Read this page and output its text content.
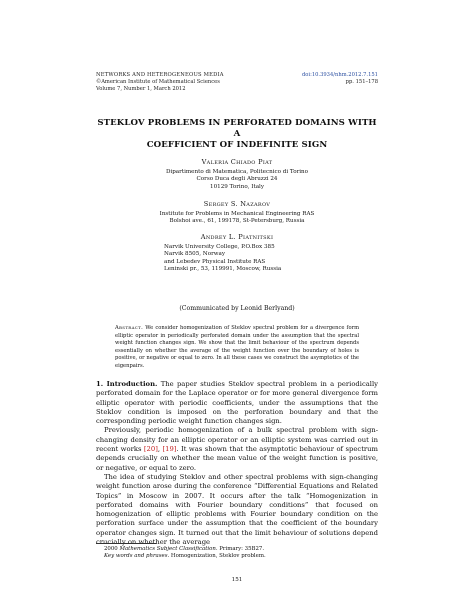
NETWORKS AND HETEROGENEOUS MEDIA
©American Institute of Mathematical Sciences
Volume 7, Number 1, March 2012
doi:10.3934/nhm.2012.7.151
pp. 151–178
STEKLOV PROBLEMS IN PERFORATED DOMAINS WITH A
COEFFICIENT OF INDEFINITE SIGN
Valeria Chiado Piat
Dipartimento di Matematica, Politecnico di Torino
Corso Duca degli Abruzzi 24
10129 Torino, Italy
Sergey S. Nazarov
Institute for Problems in Mechanical Engineering RAS
Bolshoi ave., 61, 199178, St-Petersburg, Russia
Andrey L. Piatnitski
Narvik University College, P.O.Box 385
Narvik 8505, Norway
and Lebedev Physical Institute RAS
Leninski pr., 53, 119991, Moscow, Russia
(Communicated by Leonid Berlyand)
Abstract. We consider homogenization of Steklov spectral problem for a divergence form elliptic operator in periodically perforated domain under the assumption that the spectral weight function changes sign. We show that the limit behaviour of the spectrum depends essentially on whether the average of the weight function over the boundary of holes is positive, or negative or equal to zero. In all these cases we construct the asymptotics of the eigenpairs.

1. Introduction. The paper studies Steklov spectral problem in a periodically perforated domain for the Laplace operator or for more general divergence form elliptic operator with periodic coefficients, under the assumptions that the Steklov condition is imposed on the perforation boundary and that the corresponding periodic weight function changes sign.

Previously, periodic homogenization of a bulk spectral problem with sign-changing density for an elliptic operator or an elliptic system was carried out in recent works [20], [19]. It was shown that the asymptotic behaviour of spectrum depends crucially on whether the mean value of the weight function is positive, or negative, or equal to zero.

The idea of studying Steklov and other spectral problems with sign-changing weight function arose during the conference “Differential Equations and Related Topics” in Moscow in 2007. It occurs after the talk “Homogenization in perforated domains with Fourier boundary conditions” that focused on homogenization of elliptic problems with Fourier boundary condition on the perforation surface under the assumption that the coefficient of the boundary operator changes sign. It turned out that the limit behaviour of solutions depend crucially on whether the average

2000 Mathematics Subject Classification. Primary: 35B27.
Key words and phrases. Homogenization, Steklov problem.
151
